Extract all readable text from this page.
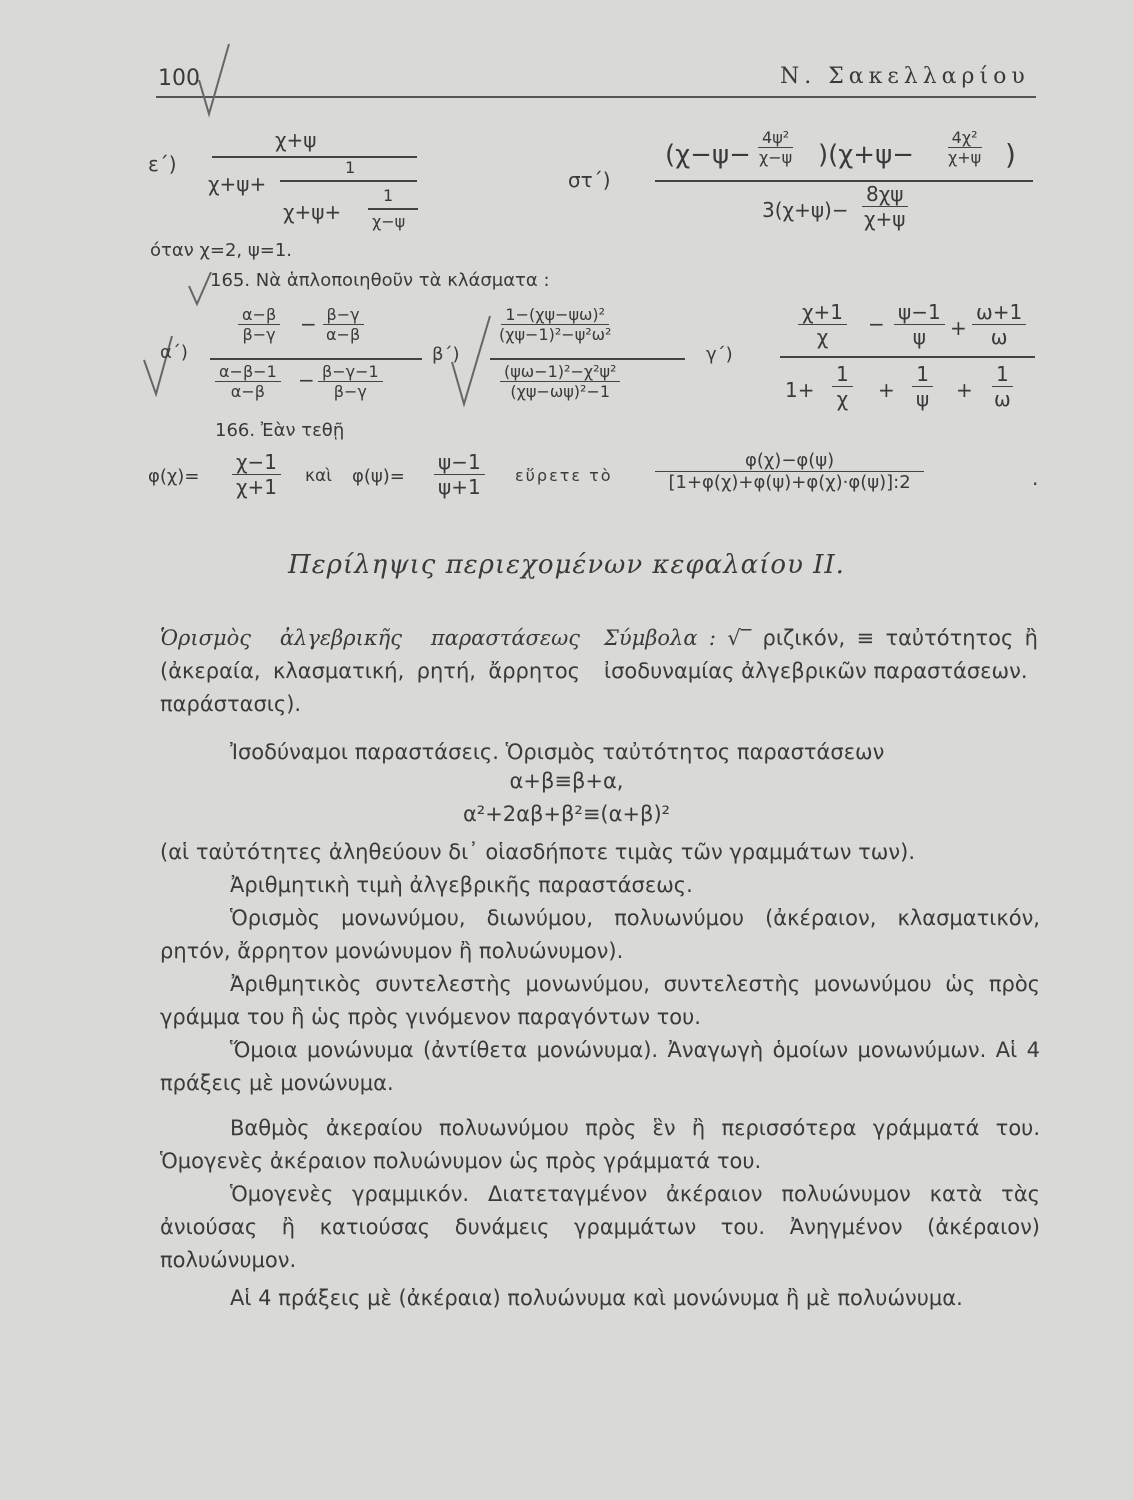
100	Ν. Σακελλαρίου
ε΄)
χ+ψ
χ+ψ+
1
χ+ψ+
1
χ−ψ
όταν χ=2, ψ=1.
στ΄)
$(\chi-\psi- \frac{\text{4ψ²}}{\chi-\psi} )(\chi+\psi- \frac{\text{4χ²}}{\chi+\psi}$ )
$3(\chi+\psi)- \frac{8\chi\psi}{\chi+\psi}$
165. Νὰ ἁπλοποιηθοῦν τὰ κλάσματα :
α΄)
$\frac{\alpha-\beta}{\beta-\gamma} - \frac{\beta-\gamma}{\alpha-\beta}$
$\frac{\alpha-\beta-1}{\alpha-\beta} - \frac{\beta-\gamma-1}{\beta-\gamma}$
β΄)
$\frac{\text{1−(χψ−ψω)²}}{\text{(χψ−1)²−ψ²ω²}}$
$\frac{\text{(ψω−1)²−χ²ψ²}}{\text{(χψ−ωψ)²−1}}$
γ΄)
$\frac{\chi+1}{\chi} - \frac{\psi-1}{\psi} + \frac{\omega+1}{\omega}$
$1+ \frac{1}{\chi} + \frac{1}{\psi} + \frac{1}{\omega}$
166. Ἐὰν τεθῇ
$\varphi(\chi)= \frac{\chi-1}{\chi+1}$ καὶ $\varphi(\psi)= \frac{\psi-1}{\psi+1}$ εὕρετε τὸ $\frac{\varphi(\chi)-\varphi(\psi)}{[1+\varphi(\chi)+\varphi(\psi)+\varphi(\chi)\cdot\varphi(\psi)]:2}$	.
Περίληψις περιεχομένων κεφαλαίου ΙΙ.
Ὁρισμὸς ἀλγεβρικῆς παραστάσεως (ἀκεραία, κλασματική, ρητή, ἄρρητος παράστασις).
Σύμβολα : √‾ ριζικόν, ≡ ταὐτότητος ἢ ἰσοδυναμίας ἀλγεβρικῶν παραστάσεων.
Ἰσοδύναμοι παραστάσεις. Ὁρισμὸς ταὐτότητος παραστάσεων
α+β≡β+α,
α²+2αβ+β²≡(α+β)²
(αἱ ταὐτότητες ἀληθεύουν δι᾽ οἱασδήποτε τιμὰς τῶν γραμμάτων των).
Ἀριθμητικὴ τιμὴ ἀλγεβρικῆς παραστάσεως.
Ὁρισμὸς μονωνύμου, διωνύμου, πολυωνύμου (ἀκέραιον, κλασματικόν, ρητόν, ἄρρητον μονώνυμον ἢ πολυώνυμον).
Ἀριθμητικὸς συντελεστὴς μονωνύμου, συντελεστὴς μονωνύμου ὡς πρὸς γράμμα του ἢ ὡς πρὸς γινόμενον παραγόντων του.
Ὅμοια μονώνυμα (ἀντίθετα μονώνυμα). Ἀναγωγὴ ὁμοίων μονωνύμων. Αἱ 4 πράξεις μὲ μονώνυμα.
Βαθμὸς ἀκεραίου πολυωνύμου πρὸς ἓν ἢ περισσότερα γράμματά του. Ὁμογενὲς ἀκέραιον πολυώνυμον ὡς πρὸς γράμματά του.
Ὁμογενὲς γραμμικόν. Διατεταγμένον ἀκέραιον πολυώνυμον κατὰ τὰς ἀνιούσας ἢ κατιούσας δυνάμεις γραμμάτων του. Ἀνηγμένον (ἀκέραιον) πολυώνυμον.
Αἱ 4 πράξεις μὲ (ἀκέραια) πολυώνυμα καὶ μονώνυμα ἢ μὲ πολυώνυμα.
